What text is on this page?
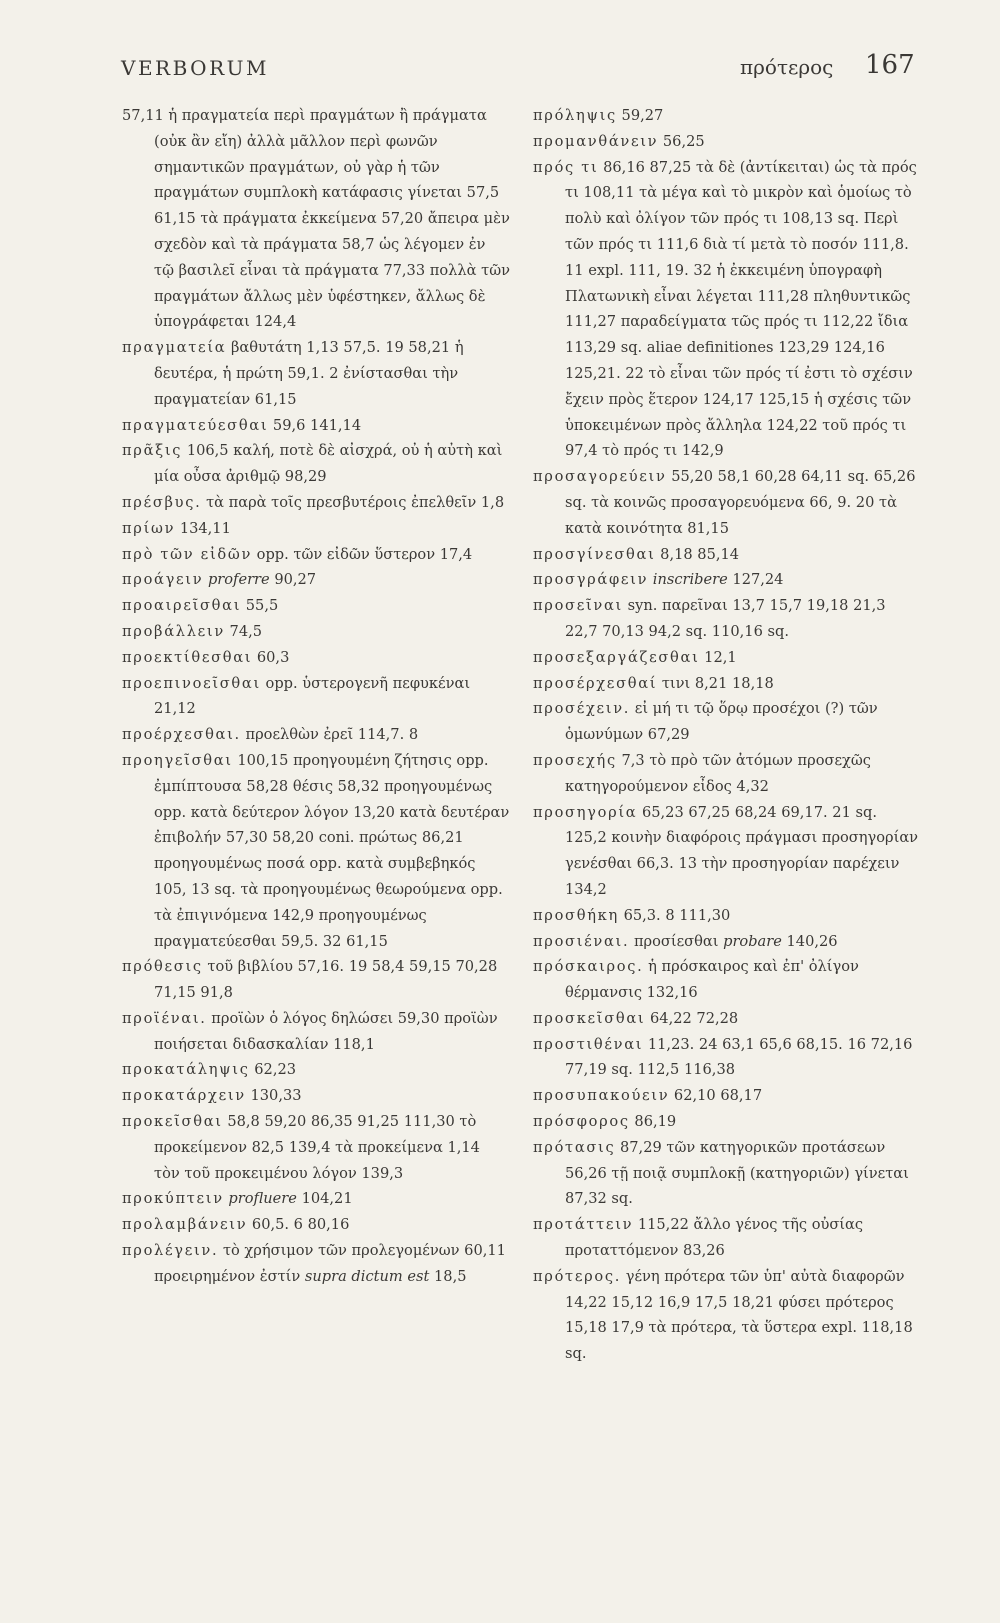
VERBORUM	πρότερος 167
57,11 ἡ πραγματεία περὶ πραγμάτων ἢ πράγματα (οὐκ ἂν εἴη) ἀλλὰ μᾶλλον περὶ φωνῶν σημαντικῶν πραγμάτων, οὐ γὰρ ἡ τῶν πραγμάτων συμπλοκὴ κατάφασις γίνεται 57,5 61,15 τὰ πράγματα ἐκκείμενα 57,20 ἄπειρα μὲν σχεδὸν καὶ τὰ πράγματα 58,7 ὡς λέγομεν ἐν τῷ βασιλεῖ εἶναι τὰ πράγματα 77,33 πολλὰ τῶν πραγμάτων ἄλλως μὲν ὑφέστηκεν, ἄλλως δὲ ὑπογράφεται 124,4
πραγματεία βαθυτάτη 1,13 57,5. 19 58,21 ἡ δευτέρα, ἡ πρώτη 59,1. 2 ἐνίστασθαι τὴν πραγματείαν 61,15
πραγματεύεσθαι 59,6 141,14
πρᾶξις 106,5 καλή, ποτὲ δὲ αἰσχρά, οὐ ἡ αὐτὴ καὶ μία οὖσα ἀριθμῷ 98,29
πρέσβυς. τὰ παρὰ τοῖς πρεσβυτέροις ἐπελθεῖν 1,8
πρίων 134,11
πρὸ τῶν εἰδῶν opp. τῶν εἰδῶν ὕστερον 17,4
προάγειν proferre 90,27
προαιρεῖσθαι 55,5
προβάλλειν 74,5
προεκτίθεσθαι 60,3
προεπινοεῖσθαι opp. ὑστερογενῆ πεφυκέναι 21,12
προέρχεσθαι. προελθὼν ἐρεῖ 114,7. 8
προηγεῖσθαι 100,15 προηγουμένη ζήτησις opp. ἐμπίπτουσα 58,28 θέσις 58,32 προηγουμένως opp. κατὰ δεύτερον λόγον 13,20 κατὰ δευτέραν ἐπιβολήν 57,30 58,20 coni. πρώτως 86,21 προηγουμένως ποσά opp. κατὰ συμβεβηκός 105, 13 sq. τὰ προηγουμένως θεωρούμενα opp. τὰ ἐπιγινόμενα 142,9 προηγουμένως πραγματεύεσθαι 59,5. 32 61,15
πρόθεσις τοῦ βιβλίου 57,16. 19 58,4 59,15 70,28 71,15 91,8
προϊέναι. προϊὼν ὁ λόγος δηλώσει 59,30 προϊὼν ποιήσεται διδασκαλίαν 118,1
προκατάληψις 62,23
προκατάρχειν 130,33
προκεῖσθαι 58,8 59,20 86,35 91,25 111,30 τὸ προκείμενον 82,5 139,4 τὰ προκείμενα 1,14 τὸν τοῦ προκειμένου λόγον 139,3
προκύπτειν profluere 104,21
προλαμβάνειν 60,5. 6 80,16
προλέγειν. τὸ χρήσιμον τῶν προλεγομένων 60,11 προειρημένον ἐστίν supra dictum est 18,5
πρόληψις 59,27
προμανθάνειν 56,25
πρός τι 86,16 87,25 τὰ δὲ (ἀντίκειται) ὡς τὰ πρός τι 108,11 τὰ μέγα καὶ τὸ μικρὸν καὶ ὁμοίως τὸ πολὺ καὶ ὀλίγον τῶν πρός τι 108,13 sq. Περὶ τῶν πρός τι 111,6 διὰ τί μετὰ τὸ ποσόν 111,8. 11 expl. 111, 19. 32 ἡ ἐκκειμένη ὑπογραφὴ Πλατωνικὴ εἶναι λέγεται 111,28 πληθυντικῶς 111,27 παραδείγματα τῶς πρός τι 112,22 ἴδια 113,29 sq. aliae definitiones 123,29 124,16 125,21. 22 τὸ εἶναι τῶν πρός τί ἐστι τὸ σχέσιν ἔχειν πρὸς ἕτερον 124,17 125,15 ἡ σχέσις τῶν ὑποκειμένων πρὸς ἄλληλα 124,22 τοῦ πρός τι 97,4 τὸ πρός τι 142,9
προσαγορεύειν 55,20 58,1 60,28 64,11 sq. 65,26 sq. τὰ κοινῶς προσαγορευόμενα 66, 9. 20 τὰ κατὰ κοινότητα 81,15
προσγίνεσθαι 8,18 85,14
προσγράφειν inscribere 127,24
προσεῖναι syn. παρεῖναι 13,7 15,7 19,18 21,3 22,7 70,13 94,2 sq. 110,16 sq.
προσεξαργάζεσθαι 12,1
προσέρχεσθαί τινι 8,21 18,18
προσέχειν. εἰ μή τι τῷ ὅρῳ προσέχοι (?) τῶν ὁμωνύμων 67,29
προσεχής 7,3 τὸ πρὸ τῶν ἀτόμων προσεχῶς κατηγορούμενον εἶδος 4,32
προσηγορία 65,23 67,25 68,24 69,17. 21 sq. 125,2 κοινὴν διαφόροις πράγμασι προσηγορίαν γενέσθαι 66,3. 13 τὴν προσηγορίαν παρέχειν 134,2
προσθήκη 65,3. 8 111,30
προσιέναι. προσίεσθαι probare 140,26
πρόσκαιρος. ἡ πρόσκαιρος καὶ ἐπ' ὀλίγον θέρμανσις 132,16
προσκεῖσθαι 64,22 72,28
προστιθέναι 11,23. 24 63,1 65,6 68,15. 16 72,16 77,19 sq. 112,5 116,38
προσυπακούειν 62,10 68,17
πρόσφορος 86,19
πρότασις 87,29 τῶν κατηγορικῶν προτάσεων 56,26 τῇ ποιᾷ συμπλοκῇ (κατηγοριῶν) γίνεται 87,32 sq.
προτάττειν 115,22 ἄλλο γένος τῆς οὐσίας προταττόμενον 83,26
πρότερος. γένη πρότερα τῶν ὑπ' αὐτὰ διαφορῶν 14,22 15,12 16,9 17,5 18,21 φύσει πρότερος 15,18 17,9 τὰ πρότερα, τὰ ὕστερα expl. 118,18 sq.
